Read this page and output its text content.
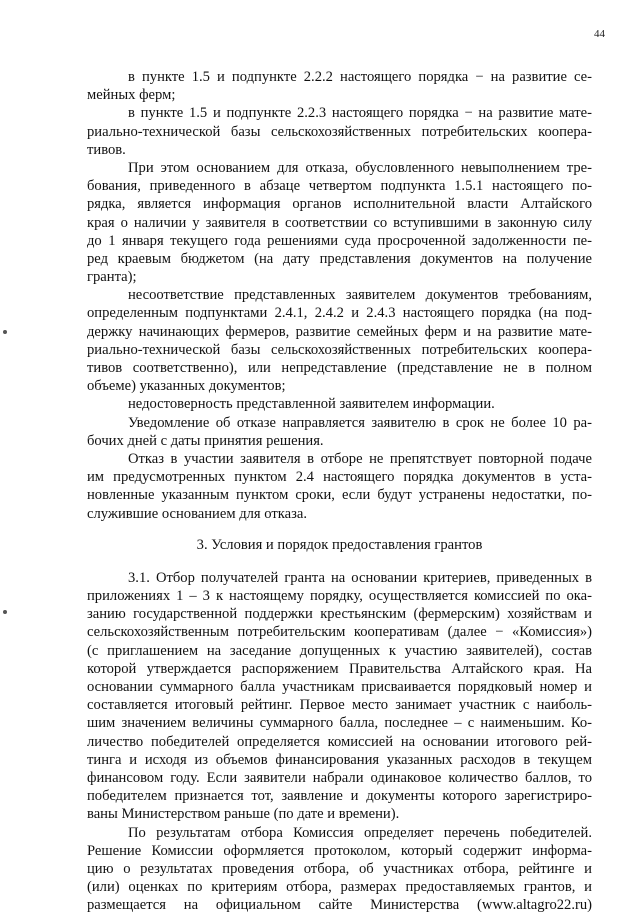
44
в пункте 1.5 и подпункте 2.2.2 настоящего порядка − на развитие се-
мейных ферм;
в пункте 1.5 и подпункте 2.2.3 настоящего порядка − на развитие мате-
риально-технической базы сельскохозяйственных потребительских коопера-
тивов.
При этом основанием для отказа, обусловленного невыполнением тре-
бования, приведенного в абзаце четвертом подпункта 1.5.1 настоящего по-
рядка, является информация органов исполнительной власти Алтайского
края о наличии у заявителя в соответствии со вступившими в законную силу
до 1 января текущего года решениями суда просроченной задолженности пе-
ред краевым бюджетом (на дату представления документов на получение
гранта);
несоответствие представленных заявителем документов требованиям,
определенным подпунктами 2.4.1, 2.4.2 и 2.4.3 настоящего порядка (на под-
держку начинающих фермеров, развитие семейных ферм и на развитие мате-
риально-технической базы сельскохозяйственных потребительских коопера-
тивов соответственно), или непредставление (представление не в полном
объеме) указанных документов;
недостоверность представленной заявителем информации.
Уведомление об отказе направляется заявителю в срок не более 10 ра-
бочих дней с даты принятия решения.
Отказ в участии заявителя в отборе не препятствует повторной подаче
им предусмотренных пунктом 2.4 настоящего порядка документов в уста-
новленные указанным пунктом сроки, если будут устранены недостатки, по-
служившие основанием для отказа.
3. Условия и порядок предоставления грантов
3.1. Отбор получателей гранта на основании критериев, приведенных в
приложениях 1 – 3 к настоящему порядку, осуществляется комиссией по ока-
занию государственной поддержки крестьянским (фермерским) хозяйствам и
сельскохозяйственным потребительским кооперативам (далее − «Комиссия»)
(с приглашением на заседание допущенных к участию заявителей), состав
которой утверждается распоряжением Правительства Алтайского края. На
основании суммарного балла участникам присваивается порядковый номер и
составляется итоговый рейтинг. Первое место занимает участник с наиболь-
шим значением величины суммарного балла, последнее – с наименьшим. Ко-
личество победителей определяется комиссией на основании итогового рей-
тинга и исходя из объемов финансирования указанных расходов в текущем
финансовом году. Если заявители набрали одинаковое количество баллов, то
победителем признается тот, заявление и документы которого зарегистриро-
ваны Министерством раньше (по дате и времени).
По результатам отбора Комиссия определяет перечень победителей.
Решение Комиссии оформляется протоколом, который содержит информа-
цию о результатах проведения отбора, об участниках отбора, рейтинге и
(или) оценках по критериям отбора, размерах предоставляемых грантов, и
размещается на официальном сайте Министерства (www.altagro22.ru)
